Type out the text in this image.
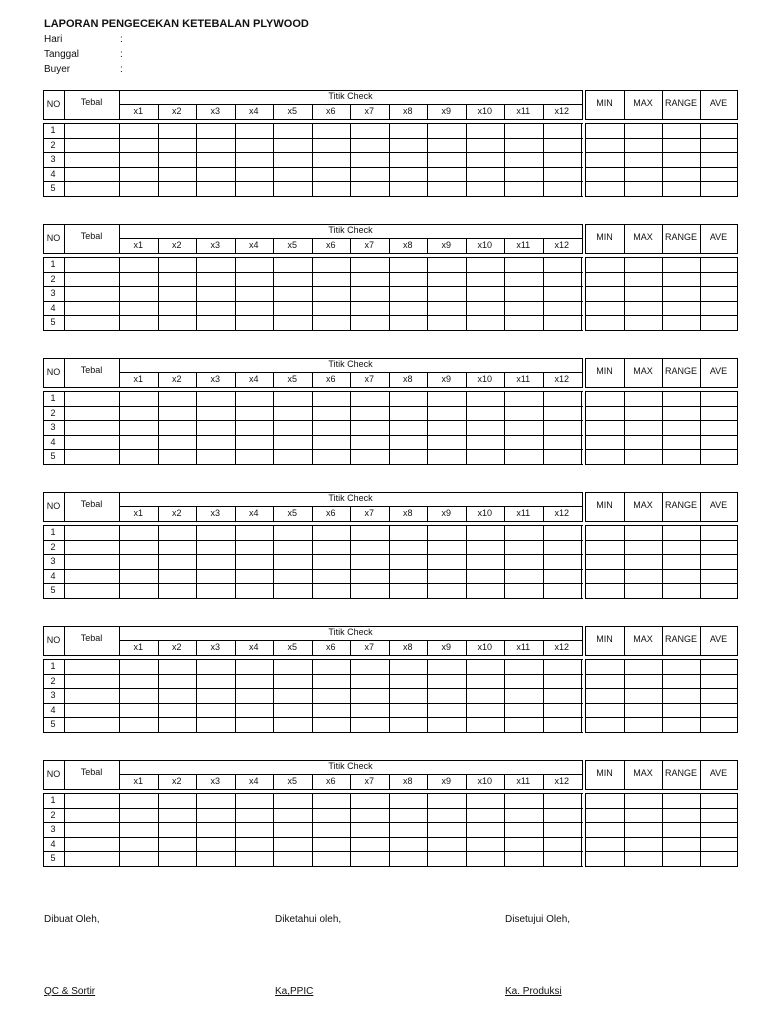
LAPORAN PENGECEKAN KETEBALAN PLYWOOD
Hari	:
Tanggal	:
Buyer	:
NO	Tebal
Titik Check
x1	x2	x3	x4	x5	x6	x7	x8	x9	x10	x11	x12
MIN	MAX	RANGE	AVE
1
2
3
4
5
NO	Tebal
Titik Check
x1	x2	x3	x4	x5	x6	x7	x8	x9	x10	x11	x12
MIN	MAX	RANGE	AVE
1
2
3
4
5
NO	Tebal
Titik Check
x1	x2	x3	x4	x5	x6	x7	x8	x9	x10	x11	x12
MIN	MAX	RANGE	AVE
1
2
3
4
5
NO	Tebal
Titik Check
x1	x2	x3	x4	x5	x6	x7	x8	x9	x10	x11	x12
MIN	MAX	RANGE	AVE
1
2
3
4
5
NO	Tebal
Titik Check
x1	x2	x3	x4	x5	x6	x7	x8	x9	x10	x11	x12
MIN	MAX	RANGE	AVE
1
2
3
4
5
NO	Tebal
Titik Check
x1	x2	x3	x4	x5	x6	x7	x8	x9	x10	x11	x12
MIN	MAX	RANGE	AVE
1
2
3
4
5
Dibuat Oleh,	Diketahui oleh,	Disetujui Oleh,
QC & Sortir	Ka,PPIC	Ka. Produksi
